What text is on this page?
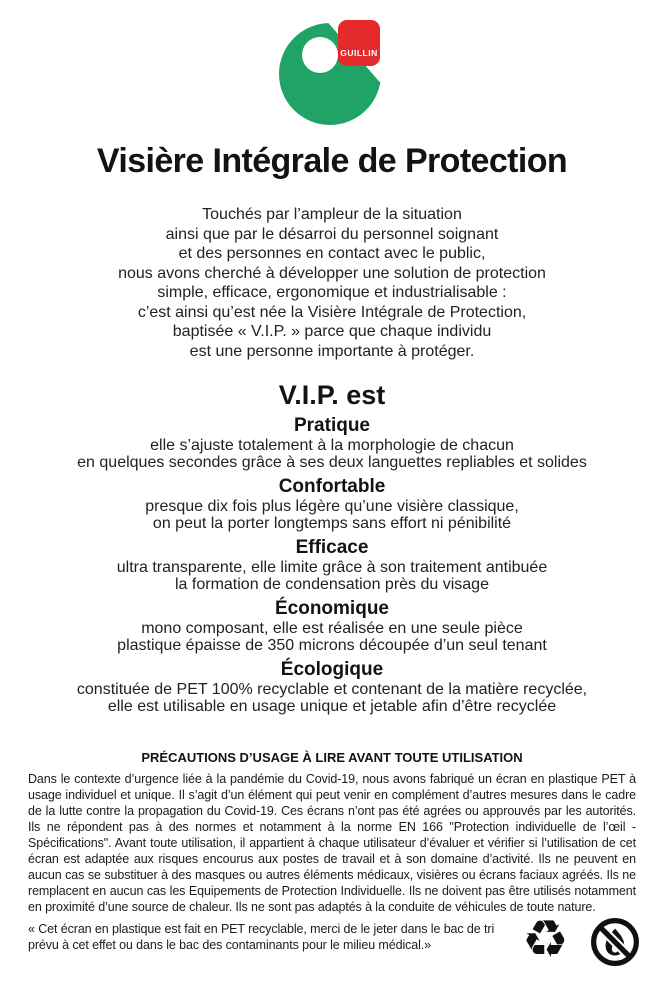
GUILLIN
Visière Intégrale de Protection
Touchés par l’ampleur de la situation
ainsi que par le désarroi du personnel soignant
et des personnes en contact avec le public,
nous avons cherché à développer une solution de protection
simple, efficace, ergonomique et industrialisable :
c’est ainsi qu’est née la Visière Intégrale de Protection,
baptisée « V.I.P. » parce que chaque individu
est une personne importante à protéger.
V.I.P. est
Pratique
elle s’ajuste totalement à la morphologie de chacun
en quelques secondes grâce à ses deux languettes repliables et solides
Confortable
presque dix fois plus légère qu’une visière classique,
on peut la porter longtemps sans effort ni pénibilité
Efficace
ultra transparente, elle limite grâce à son traitement antibuée
la formation de condensation près du visage
Économique
mono composant, elle est réalisée en une seule pièce
plastique épaisse de 350 microns découpée d’un seul tenant
Écologique
constituée de PET 100% recyclable et contenant de la matière recyclée,
elle est utilisable en usage unique et jetable afin d’être recyclée
PRÉCAUTIONS D’USAGE À LIRE AVANT TOUTE UTILISATION

Dans le contexte d’urgence liée à la pandémie du Covid-19, nous avons fabriqué un écran en plastique PET à usage individuel et unique. Il s’agit d’un élément qui peut venir en complément d’autres mesures dans le cadre de la lutte contre la propagation du Covid-19. Ces écrans n’ont pas été agrées ou approuvés par les autorités. Ils ne répondent pas à des normes et notamment à la norme EN 166 "Protection individuelle de l’œil - Spécifications". Avant toute utilisation, il appartient à chaque utilisateur d’évaluer et vérifier si l’utilisation de cet écran est adaptée aux risques encourus aux postes de travail et à son domaine d’activité. Ils ne peuvent en aucun cas se substituer à des masques ou autres éléments médicaux, visières ou écrans faciaux agréés. Ils ne remplacent en aucun cas les Equipements de Protection Individuelle. Ils ne doivent pas être utilisés notamment en proximité d’une source de chaleur. Ils ne sont pas adaptés à la conduite de véhicules de toute nature.

« Cet écran en plastique est fait en PET recyclable, merci de le jeter dans le bac de tri prévu à cet effet ou dans le bac des contaminants pour le milieu médical.»	♻
